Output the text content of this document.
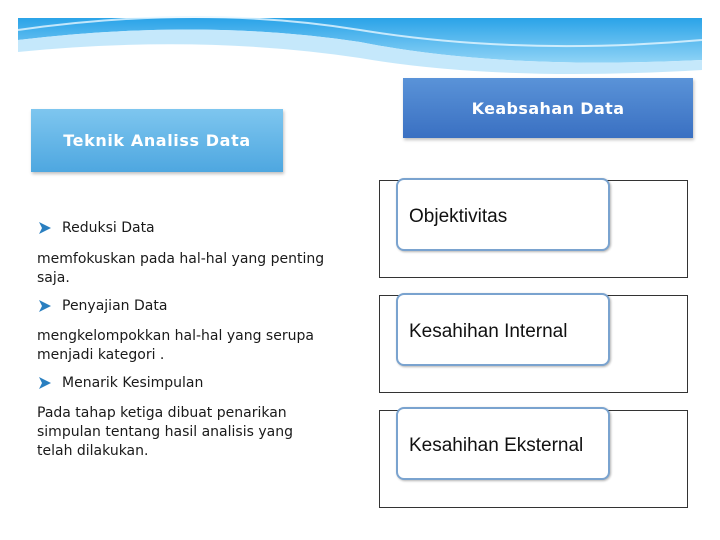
Teknik Analiss Data
Keabsahan Data
Reduksi Data
memfokuskan pada hal-hal yang penting saja.
Penyajian Data
mengkelompokkan hal-hal yang serupa menjadi kategori .
Menarik Kesimpulan
Pada tahap ketiga dibuat penarikan simpulan tentang hasil analisis yang telah dilakukan.
Objektivitas
Kesahihan Internal
Kesahihan Eksternal
